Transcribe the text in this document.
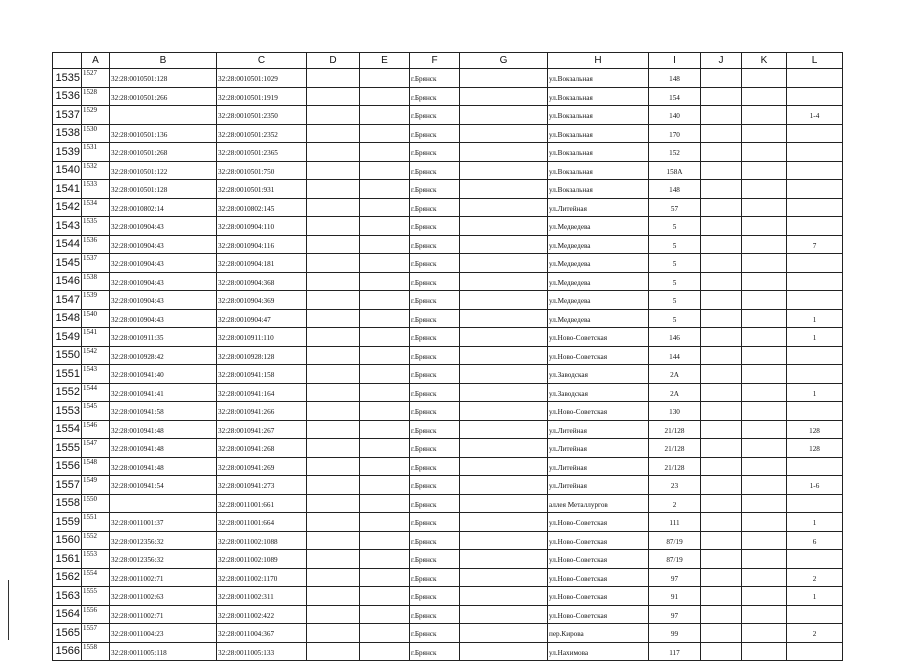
	A	B	C	D	E	F	G	H	I	J	K	L
1535	1527	32:28:0010501:128	32:28:0010501:1029			г.Брянск		ул.Вокзальная	148			
1536	1528	32:28:0010501:266	32:28:0010501:1919			г.Брянск		ул.Вокзальная	154			
1537	1529		32:28:0010501:2350			г.Брянск		ул.Вокзальная	140			1-4
1538	1530	32:28:0010501:136	32:28:0010501:2352			г.Брянск		ул.Вокзальная	170			
1539	1531	32:28:0010501:268	32:28:0010501:2365			г.Брянск		ул.Вокзальная	152			
1540	1532	32:28:0010501:122	32:28:0010501:750			г.Брянск		ул.Вокзальная	158А			
1541	1533	32:28:0010501:128	32:28:0010501:931			г.Брянск		ул.Вокзальная	148			
1542	1534	32:28:0010802:14	32:28:0010802:145			г.Брянск		ул.Литейная	57			
1543	1535	32:28:0010904:43	32:28:0010904:110			г.Брянск		ул.Медведева	5			
1544	1536	32:28:0010904:43	32:28:0010904:116			г.Брянск		ул.Медведева	5			7
1545	1537	32:28:0010904:43	32:28:0010904:181			г.Брянск		ул.Медведева	5			
1546	1538	32:28:0010904:43	32:28:0010904:368			г.Брянск		ул.Медведева	5			
1547	1539	32:28:0010904:43	32:28:0010904:369			г.Брянск		ул.Медведева	5			
1548	1540	32:28:0010904:43	32:28:0010904:47			г.Брянск		ул.Медведева	5			1
1549	1541	32:28:0010911:35	32:28:0010911:110			г.Брянск		ул.Ново-Советская	146			1
1550	1542	32:28:0010928:42	32:28:0010928:128			г.Брянск		ул.Ново-Советская	144			
1551	1543	32:28:0010941:40	32:28:0010941:158			г.Брянск		ул.Заводская	2А			
1552	1544	32:28:0010941:41	32:28:0010941:164			г.Брянск		ул.Заводская	2А			1
1553	1545	32:28:0010941:58	32:28:0010941:266			г.Брянск		ул.Ново-Советская	130			
1554	1546	32:28:0010941:48	32:28:0010941:267			г.Брянск		ул.Литейная	21/128			128
1555	1547	32:28:0010941:48	32:28:0010941:268			г.Брянск		ул.Литейная	21/128			128
1556	1548	32:28:0010941:48	32:28:0010941:269			г.Брянск		ул.Литейная	21/128			
1557	1549	32:28:0010941:54	32:28:0010941:273			г.Брянск		ул.Литейная	23			1-6
1558	1550		32:28:0011001:661			г.Брянск		аллея Металлургов	2			
1559	1551	32:28:0011001:37	32:28:0011001:664			г.Брянск		ул.Ново-Советская	111			1
1560	1552	32:28:0012356:32	32:28:0011002:1088			г.Брянск		ул.Ново-Советская	87/19			6
1561	1553	32:28:0012356:32	32:28:0011002:1089			г.Брянск		ул.Ново-Советская	87/19			
1562	1554	32:28:0011002:71	32:28:0011002:1170			г.Брянск		ул.Ново-Советская	97			2
1563	1555	32:28:0011002:63	32:28:0011002:311			г.Брянск		ул.Ново-Советская	91			1
1564	1556	32:28:0011002:71	32:28:0011002:422			г.Брянск		ул.Ново-Советская	97			
1565	1557	32:28:0011004:23	32:28:0011004:367			г.Брянск		пер.Кирова	99			2
1566	1558	32:28:0011005:118	32:28:0011005:133			г.Брянск		ул.Нахимова	117			
